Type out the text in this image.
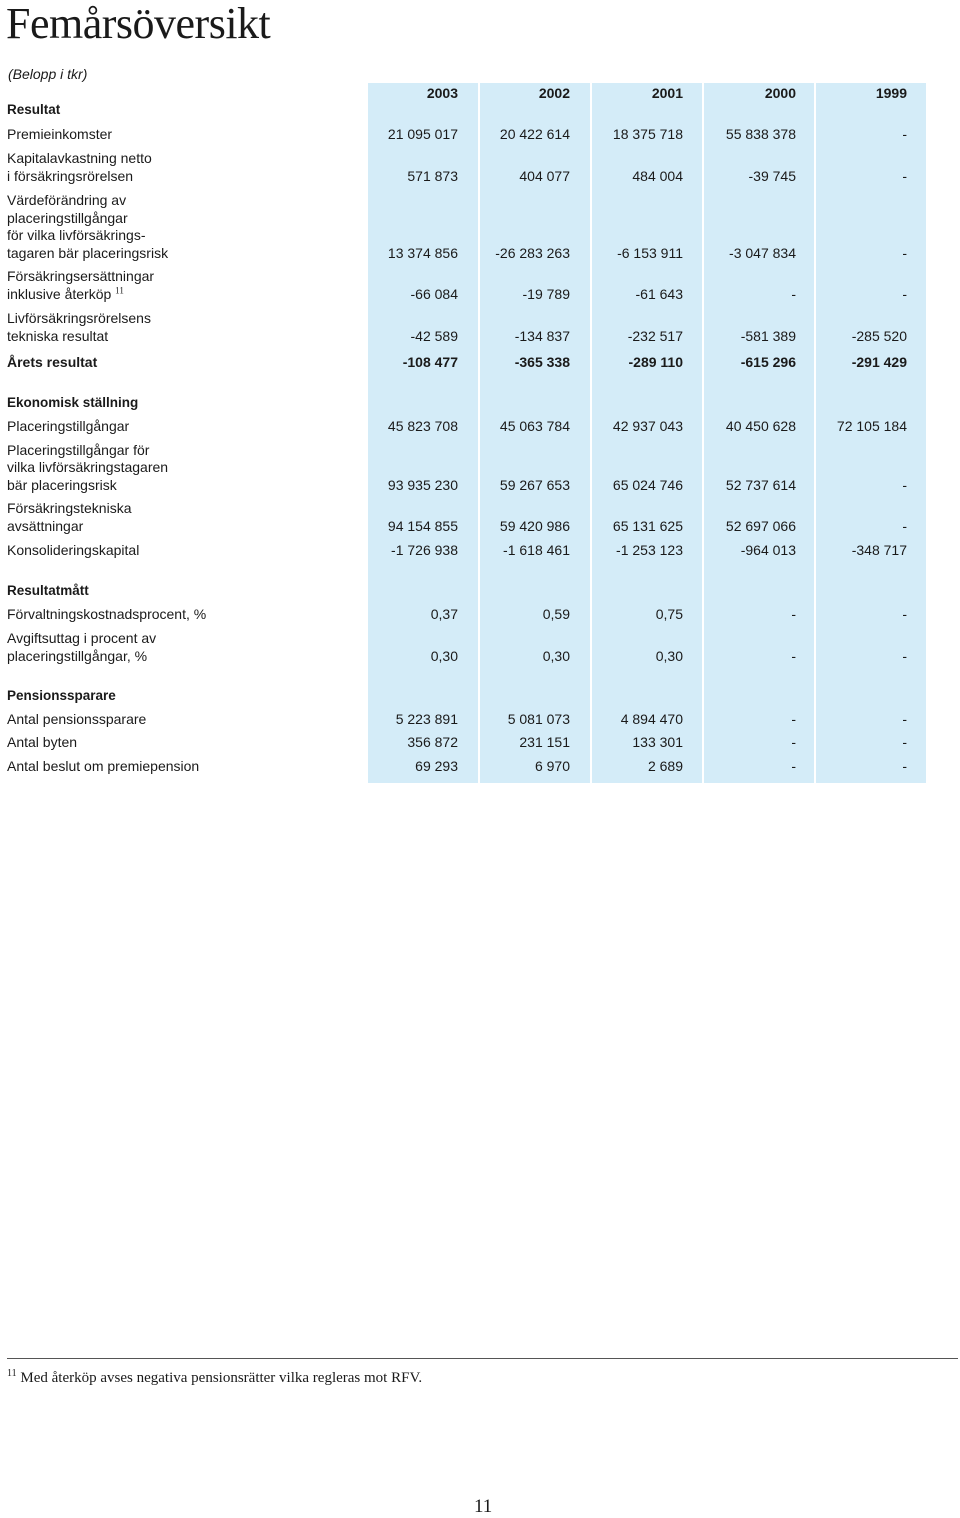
Femårsöversikt
(Belopp i tkr)
2003	2002	2001	2000	1999
Resultat
Premieinkomster	21 095 017	20 422 614	18 375 718	55 838 378	-
Kapitalavkastning netto
i försäkringsrörelsen	571 873	404 077	484 004	-39 745	-
Värdeförändring av
placeringstillgångar
för vilka livförsäkrings-
tagaren bär placeringsrisk	13 374 856	-26 283 263	-6 153 911	-3 047 834	-
Försäkringsersättningar
inklusive återköp $^{11}$	-66 084	-19 789	-61 643	-	-
Livförsäkringsrörelsens
tekniska resultat	-42 589	-134 837	-232 517	-581 389	-285 520
Årets resultat	-108 477	-365 338	-289 110	-615 296	-291 429
Ekonomisk ställning
Placeringstillgångar	45 823 708	45 063 784	42 937 043	40 450 628	72 105 184
Placeringstillgångar för
vilka livförsäkringstagaren
bär placeringsrisk	93 935 230	59 267 653	65 024 746	52 737 614	-
Försäkringstekniska
avsättningar	94 154 855	59 420 986	65 131 625	52 697 066	-
Konsolideringskapital	-1 726 938	-1 618 461	-1 253 123	-964 013	-348 717
Resultatmått
Förvaltningskostnadsprocent, %	0,37	0,59	0,75	-	-
Avgiftsuttag i procent av
placeringstillgångar, %	0,30	0,30	0,30	-	-
Pensionssparare
Antal pensionssparare	5 223 891	5 081 073	4 894 470	-	-
Antal byten	356 872	231 151	133 301	-	-
Antal beslut om premiepension	69 293	6 970	2 689	-	-
$^{11}$ Med återköp avses negativa pensionsrätter vilka regleras mot RFV.
11
